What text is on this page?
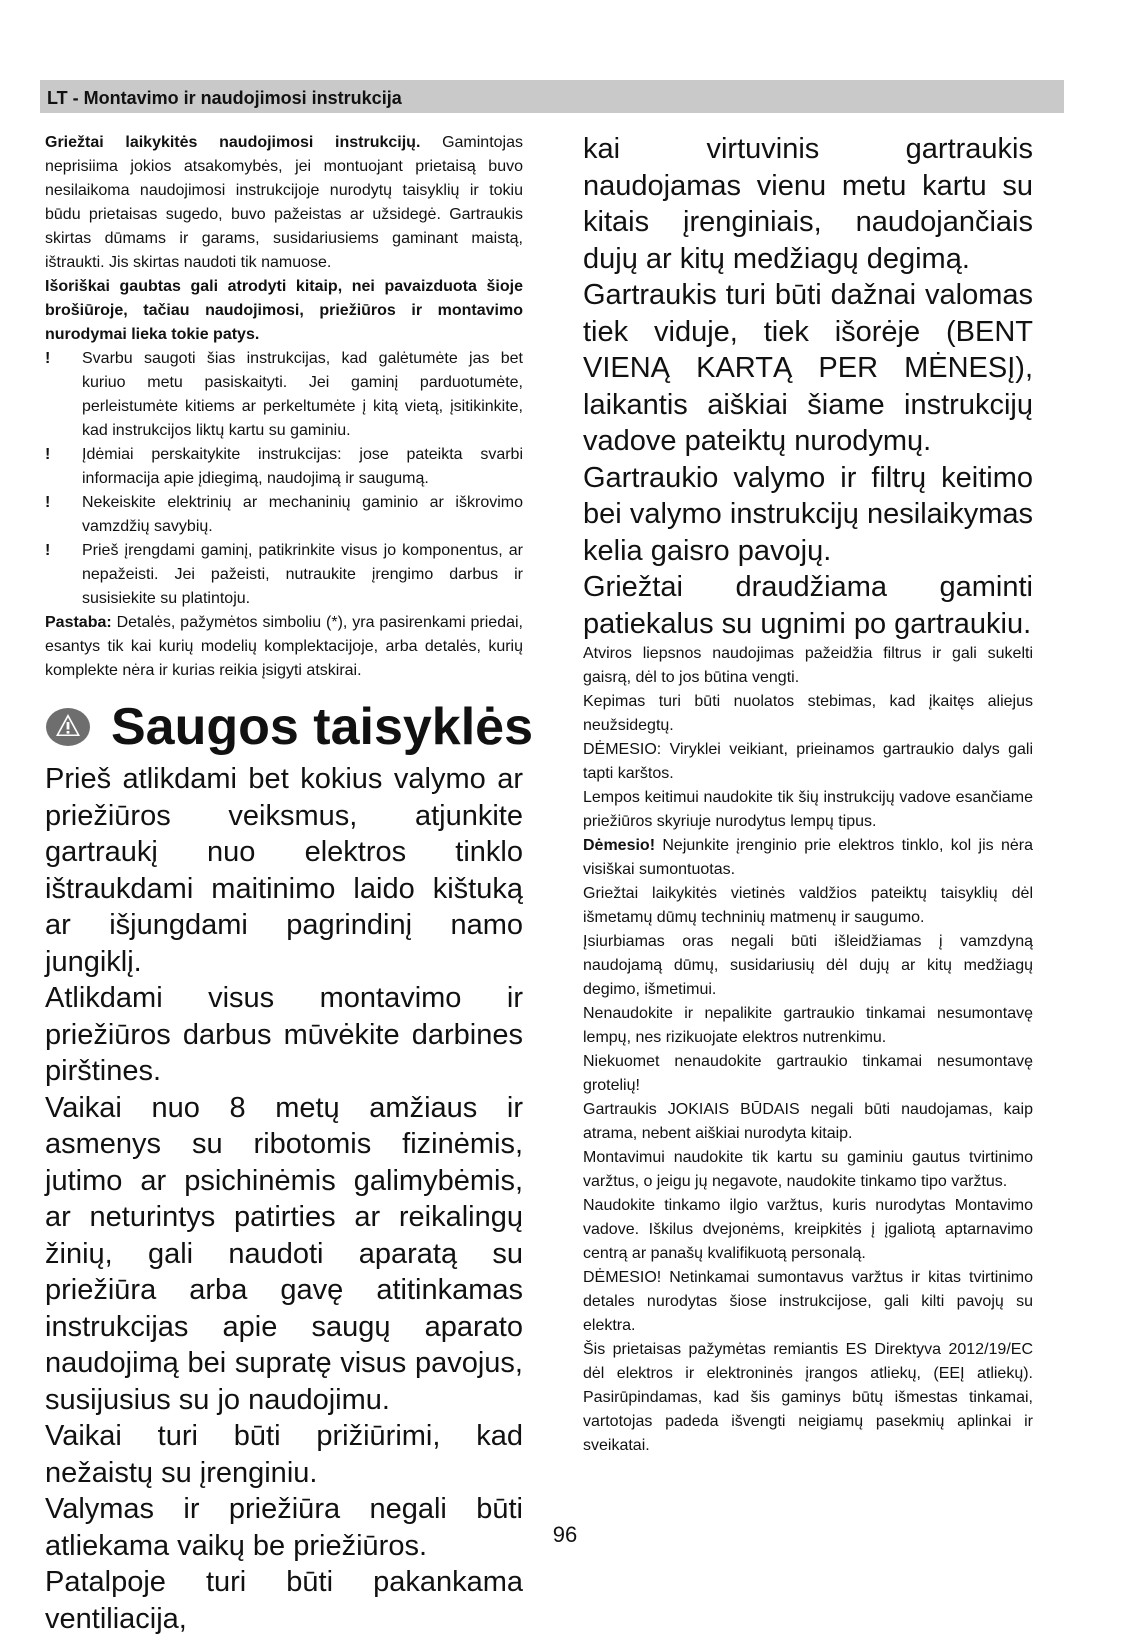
LT - Montavimo ir naudojimosi instrukcija

Griežtai laikykitės naudojimosi instrukcijų. Gamintojas neprisiima jokios atsakomybės, jei montuojant prietaisą buvo nesilaikoma naudojimosi instrukcijoje nurodytų taisyklių ir tokiu būdu prietaisas sugedo, buvo pažeistas ar užsidegė. Gartraukis skirtas dūmams ir garams, susidariusiems gaminant maistą, ištraukti. Jis skirtas naudoti tik namuose.

Išoriškai gaubtas gali atrodyti kitaip, nei pavaizduota šioje brošiūroje, tačiau naudojimosi, priežiūros ir montavimo nurodymai lieka tokie patys.

!	Svarbu saugoti šias instrukcijas, kad galėtumėte jas bet kuriuo metu pasiskaityti. Jei gaminį parduotumėte, perleistumėte kitiems ar perkeltumėte į kitą vietą, įsitikinkite, kad instrukcijos liktų kartu su gaminiu.
!	Įdėmiai perskaitykite instrukcijas: jose pateikta svarbi informacija apie įdiegimą, naudojimą ir saugumą.
!	Nekeiskite elektrinių ar mechaninių gaminio ar iškrovimo vamzdžių savybių.
!	Prieš įrengdami gaminį, patikrinkite visus jo komponentus, ar nepažeisti. Jei pažeisti, nutraukite įrengimo darbus ir susisiekite su platintoju.

Pastaba: Detalės, pažymėtos simboliu (*), yra pasirenkami priedai, esantys tik kai kurių modelių komplektacijoje, arba detalės, kurių komplekte nėra ir kurias reikia įsigyti atskirai.

Saugos taisyklės

Prieš atlikdami bet kokius valymo ar priežiūros veiksmus, atjunkite gartraukį nuo elektros tinklo ištraukdami maitinimo laido kištuką ar išjungdami pagrindinį namo jungiklį.

Atlikdami visus montavimo ir priežiūros darbus mūvėkite darbines pirštines.

Vaikai nuo 8 metų amžiaus ir asmenys su ribotomis fizinėmis, jutimo ar psichinėmis galimybėmis, ar neturintys patirties ar reikalingų žinių, gali naudoti aparatą su priežiūra arba gavę atitinkamas instrukcijas apie saugų aparato naudojimą bei supratę visus pavojus, susijusius su jo naudojimu.

Vaikai turi būti prižiūrimi, kad nežaistų su įrenginiu.

Valymas ir priežiūra negali būti atliekama vaikų be priežiūros.

Patalpoje turi būti pakankama ventiliacija,

kai virtuvinis gartraukis naudojamas vienu metu kartu su kitais įrenginiais, naudojančiais dujų ar kitų medžiagų degimą.

Gartraukis turi būti dažnai valomas tiek viduje, tiek išorėje (BENT VIENĄ KARTĄ PER MĖNESĮ), laikantis aiškiai šiame instrukcijų vadove pateiktų nurodymų.

Gartraukio valymo ir filtrų keitimo bei valymo instrukcijų nesilaikymas kelia gaisro pavojų.

Griežtai draudžiama gaminti patiekalus su ugnimi po gartraukiu.

Atviros liepsnos naudojimas pažeidžia filtrus ir gali sukelti gaisrą, dėl to jos būtina vengti.

Kepimas turi būti nuolatos stebimas, kad įkaitęs aliejus neužsidegtų.

DĖMESIO: Viryklei veikiant, prieinamos gartraukio dalys gali tapti karštos.

Lempos keitimui naudokite tik šių instrukcijų vadove esančiame priežiūros skyriuje nurodytus lempų tipus.

Dėmesio! Nejunkite įrenginio prie elektros tinklo, kol jis nėra visiškai sumontuotas.

Griežtai laikykitės vietinės valdžios pateiktų taisyklių dėl išmetamų dūmų techninių matmenų ir saugumo.

Įsiurbiamas oras negali būti išleidžiamas į vamzdyną naudojamą dūmų, susidariusių dėl dujų ar kitų medžiagų degimo, išmetimui.

Nenaudokite ir nepalikite gartraukio tinkamai nesumontavę lempų, nes rizikuojate elektros nutrenkimu.

Niekuomet nenaudokite gartraukio tinkamai nesumontavę grotelių!

Gartraukis JOKIAIS BŪDAIS negali būti naudojamas, kaip atrama, nebent aiškiai nurodyta kitaip.

Montavimui naudokite tik kartu su gaminiu gautus tvirtinimo varžtus, o jeigu jų negavote, naudokite tinkamo tipo varžtus.

Naudokite tinkamo ilgio varžtus, kuris nurodytas Montavimo vadove. Iškilus dvejonėms, kreipkitės į įgaliotą aptarnavimo centrą ar panašų kvalifikuotą personalą.

DĖMESIO! Netinkamai sumontavus varžtus ir kitas tvirtinimo detales nurodytas šiose instrukcijose, gali kilti pavojų su elektra.

Šis prietaisas pažymėtas remiantis ES Direktyva 2012/19/EC dėl elektros ir elektroninės įrangos atliekų, (EEĮ atliekų). Pasirūpindamas, kad šis gaminys būtų išmestas tinkamai, vartotojas padeda išvengti neigiamų pasekmių aplinkai ir sveikatai.

96
